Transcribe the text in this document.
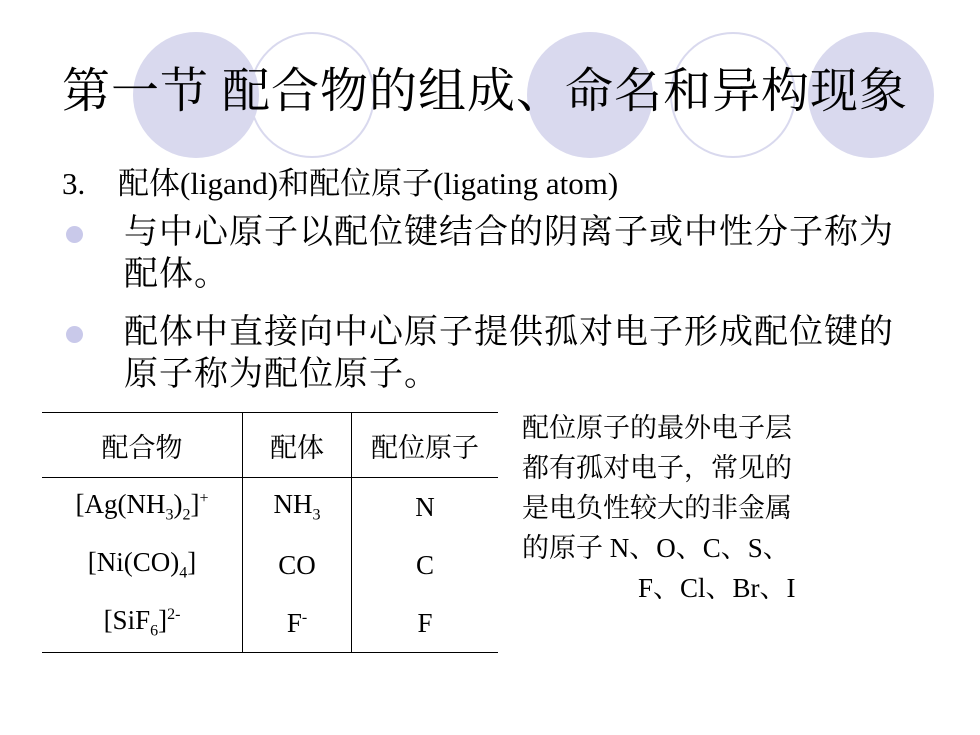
第一节 配合物的组成、命名和异构现象
3. 配体(ligand)和配位原子(ligating atom)
与中心原子以配位键结合的阴离子或中性分子称为配体。
配体中直接向中心原子提供孤对电子形成配位键的原子称为配位原子。
配合物	配体	配位原子
$[Ag(NH_3)_2]^+$	$NH_3$	N
$[Ni(CO)_4]$	CO	C
$[SiF_6]^{2-}$	F-	F
配位原子的最外电子层
都有孤对电子，常见的
是电负性较大的非金属
的原子 N、O、C、S、
F、Cl、Br、I
